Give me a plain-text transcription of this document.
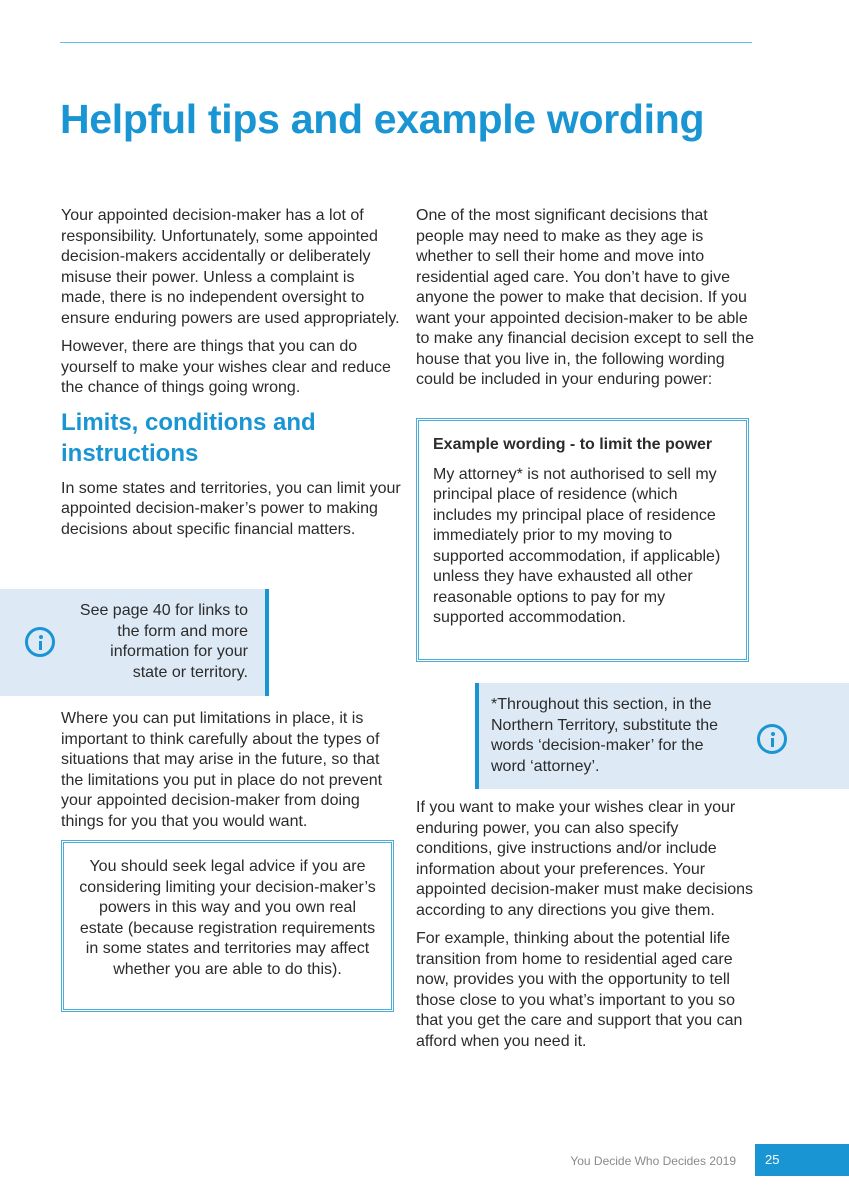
Helpful tips and example wording

Your appointed decision-maker has a lot of responsibility. Unfortunately, some appointed decision-makers accidentally or deliberately misuse their power. Unless a complaint is made, there is no independent oversight to ensure enduring powers are used appropriately.

However, there are things that you can do yourself to make your wishes clear and reduce the chance of things going wrong.

Limits, conditions and instructions

In some states and territories, you can limit your appointed decision-maker’s power to making decisions about specific financial matters.

See page 40 for links to the form and more information for your state or territory.

Where you can put limitations in place, it is important to think carefully about the types of situations that may arise in the future, so that the limitations you put in place do not prevent your appointed decision-maker from doing things for you that you would want.

You should seek legal advice if you are considering limiting your decision-maker’s powers in this way and you own real estate (because registration requirements in some states and territories may affect whether you are able to do this).

One of the most significant decisions that people may need to make as they age is whether to sell their home and move into residential aged care. You don’t have to give anyone the power to make that decision. If you want your appointed decision-maker to be able to make any financial decision except to sell the house that you live in, the following wording could be included in your enduring power:

Example wording - to limit the power
My attorney* is not authorised to sell my principal place of residence (which includes my principal place of residence immediately prior to my moving to supported accommodation, if applicable) unless they have exhausted all other reasonable options to pay for my supported accommodation.
*Throughout this section, in the Northern Territory, substitute the words ‘decision-maker’ for the word ‘attorney’.

If you want to make your wishes clear in your enduring power, you can also specify conditions, give instructions and/or include information about your preferences. Your appointed decision-maker must make decisions according to any directions you give them.

For example, thinking about the potential life transition from home to residential aged care now, provides you with the opportunity to tell those close to you what’s important to you so that you get the care and support that you can afford when you need it.

You Decide Who Decides 2019	25
